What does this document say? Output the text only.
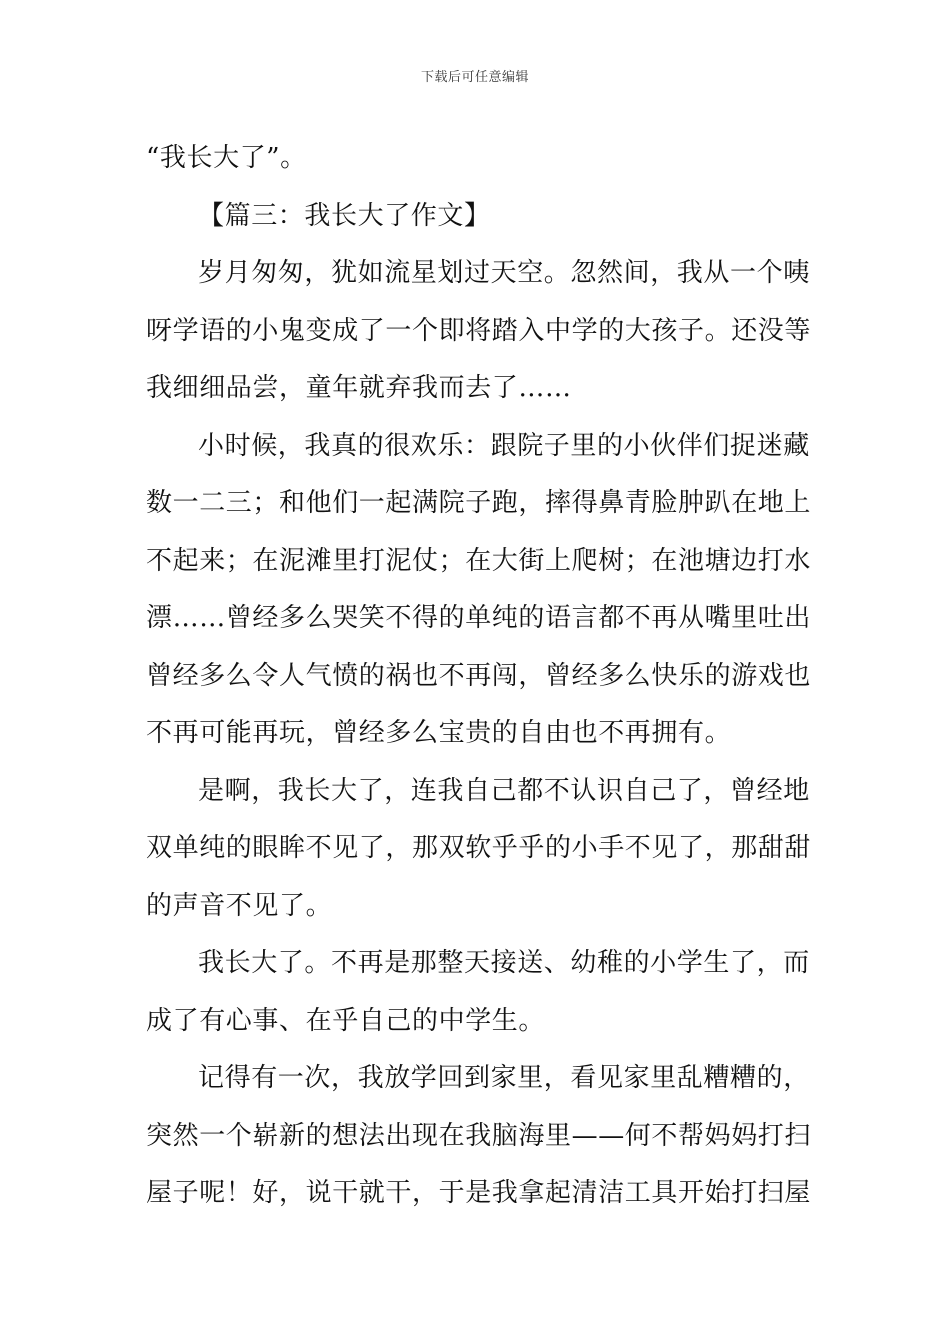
下载后可任意编辑
“我长大了”。
【篇三：我长大了作文】
岁月匆匆，犹如流星划过天空。忽然间，我从一个咦
呀学语的小鬼变成了一个即将踏入中学的大孩子。还没等
我细细品尝，童年就弃我而去了……
小时候，我真的很欢乐：跟院子里的小伙伴们捉迷藏
数一二三；和他们一起满院子跑，摔得鼻青脸肿趴在地上
不起来；在泥滩里打泥仗；在大街上爬树；在池塘边打水
漂……曾经多么哭笑不得的单纯的语言都不再从嘴里吐出
曾经多么令人气愤的祸也不再闯，曾经多么快乐的游戏也
不再可能再玩，曾经多么宝贵的自由也不再拥有。
是啊，我长大了，连我自己都不认识自己了，曾经地
双单纯的眼眸不见了，那双软乎乎的小手不见了，那甜甜
的声音不见了。
我长大了。不再是那整天接送、幼稚的小学生了，而
成了有心事、在乎自己的中学生。
记得有一次，我放学回到家里，看见家里乱糟糟的，
突然一个崭新的想法出现在我脑海里——何不帮妈妈打扫
屋子呢！好，说干就干，于是我拿起清洁工具开始打扫屋
